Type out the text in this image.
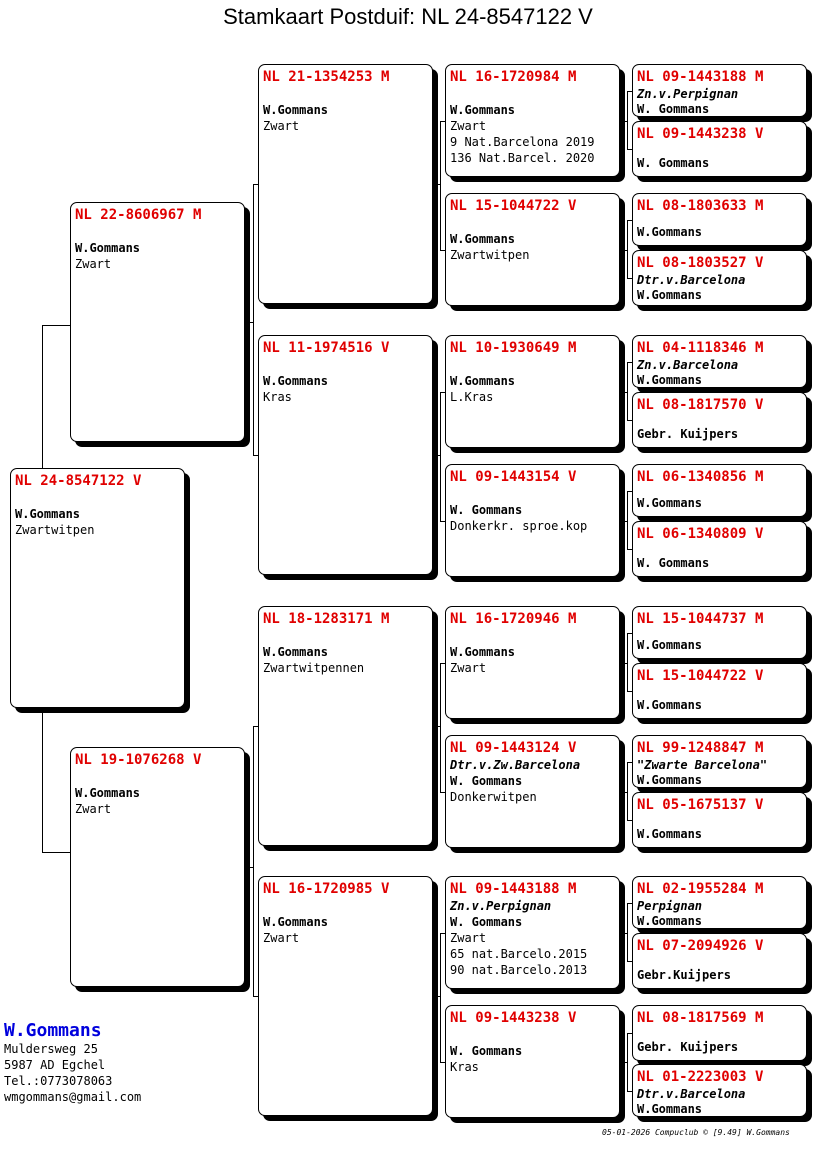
Stamkaart Postduif: NL 24-8547122 V
NL 24-8547122 V
W.Gommans
Zwartwitpen
NL 22-8606967 M
W.Gommans
Zwart
NL 19-1076268 V
W.Gommans
Zwart
NL 21-1354253 M
W.Gommans
Zwart
NL 11-1974516 V
W.Gommans
Kras
NL 18-1283171 M
W.Gommans
Zwartwitpennen
NL 16-1720985 V
W.Gommans
Zwart
NL 16-1720984 M
W.Gommans
Zwart
9 Nat.Barcelona 2019
136 Nat.Barcel. 2020
NL 15-1044722 V
W.Gommans
Zwartwitpen
NL 10-1930649 M
W.Gommans
L.Kras
NL 09-1443154 V
W. Gommans
Donkerkr. sproe.kop
NL 16-1720946 M
W.Gommans
Zwart
NL 09-1443124 V
Dtr.v.Zw.Barcelona
W. Gommans
Donkerwitpen
NL 09-1443188 M
Zn.v.Perpignan
W. Gommans
Zwart
65 nat.Barcelo.2015
90 nat.Barcelo.2013
NL 09-1443238 V
W. Gommans
Kras
NL 09-1443188 M
Zn.v.Perpignan
W. Gommans
NL 09-1443238 V
W. Gommans
NL 08-1803633 M
W.Gommans
NL 08-1803527 V
Dtr.v.Barcelona
W.Gommans
NL 04-1118346 M
Zn.v.Barcelona
W.Gommans
NL 08-1817570 V
Gebr. Kuijpers
NL 06-1340856 M
W.Gommans
NL 06-1340809 V
W. Gommans
NL 15-1044737 M
W.Gommans
NL 15-1044722 V
W.Gommans
NL 99-1248847 M
"Zwarte Barcelona"
W.Gommans
NL 05-1675137 V
W.Gommans
NL 02-1955284 M
Perpignan
W.Gommans
NL 07-2094926 V
Gebr.Kuijpers
NL 08-1817569 M
Gebr. Kuijpers
NL 01-2223003 V
Dtr.v.Barcelona
W.Gommans
W.Gommans
Muldersweg 25
5987 AD Egchel
Tel.:0773078063
wmgommans@gmail.com
05-01-2026 Compuclub © [9.49] W.Gommans
